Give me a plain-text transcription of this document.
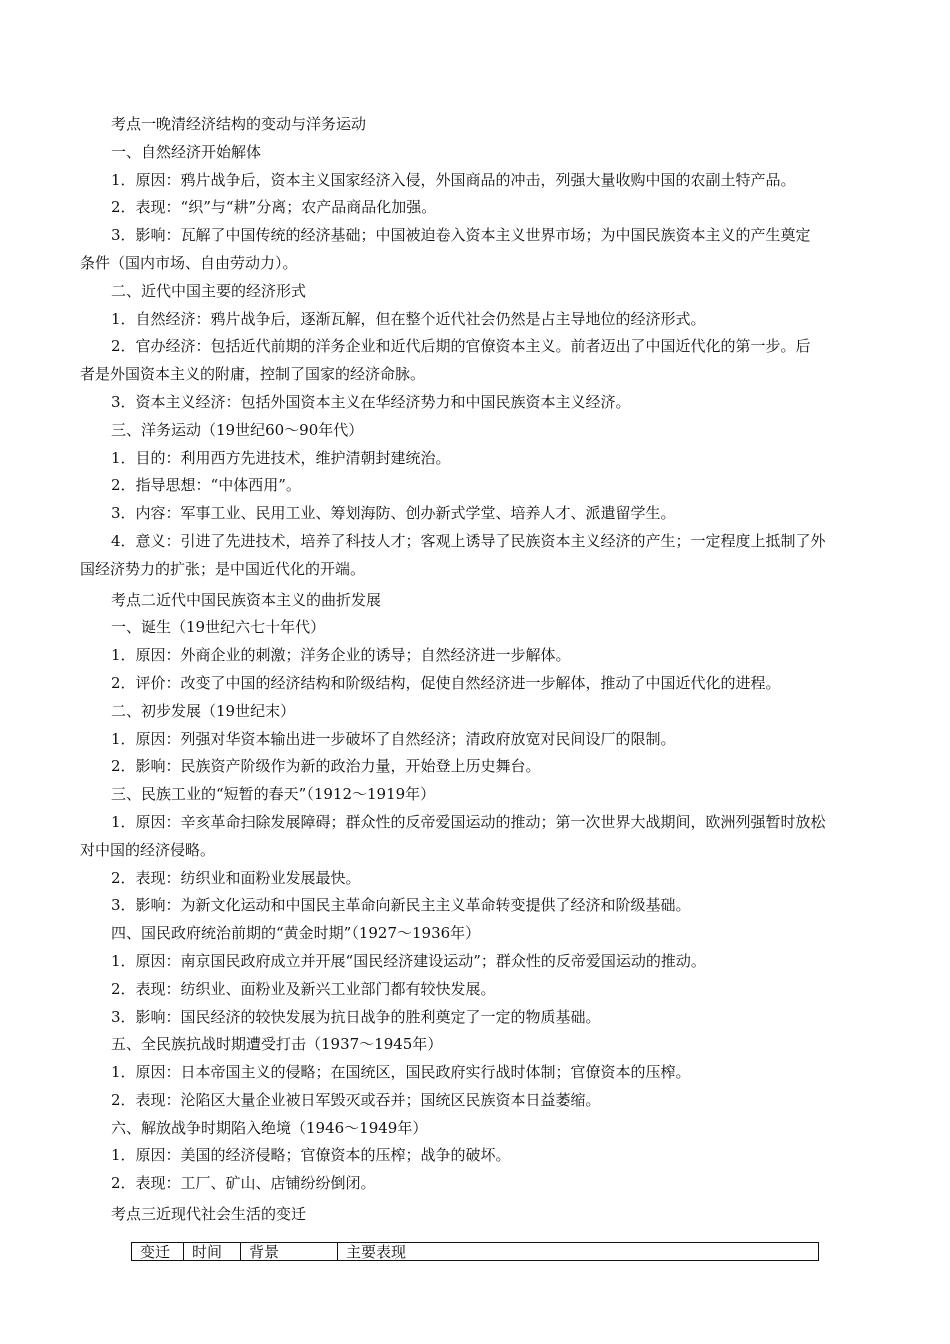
考点一晚清经济结构的变动与洋务运动
一、自然经济开始解体
1．原因：鸦片战争后，资本主义国家经济入侵，外国商品的冲击，列强大量收购中国的农副土特产品。
2．表现：“织”与“耕”分离；农产品商品化加强。
3．影响：瓦解了中国传统的经济基础；中国被迫卷入资本主义世界市场；为中国民族资本主义的产生奠定
条件（国内市场、自由劳动力）。
二、近代中国主要的经济形式
1．自然经济：鸦片战争后，逐渐瓦解，但在整个近代社会仍然是占主导地位的经济形式。
2．官办经济：包括近代前期的洋务企业和近代后期的官僚资本主义。前者迈出了中国近代化的第一步。后
者是外国资本主义的附庸，控制了国家的经济命脉。
3．资本主义经济：包括外国资本主义在华经济势力和中国民族资本主义经济。
三、洋务运动（19世纪60～90年代）
1．目的：利用西方先进技术，维护清朝封建统治。
2．指导思想：“中体西用”。
3．内容：军事工业、民用工业、筹划海防、创办新式学堂、培养人才、派遣留学生。
4．意义：引进了先进技术，培养了科技人才；客观上诱导了民族资本主义经济的产生；一定程度上抵制了外
国经济势力的扩张；是中国近代化的开端。
考点二近代中国民族资本主义的曲折发展
一、诞生（19世纪六七十年代）
1．原因：外商企业的刺激；洋务企业的诱导；自然经济进一步解体。
2．评价：改变了中国的经济结构和阶级结构，促使自然经济进一步解体，推动了中国近代化的进程。
二、初步发展（19世纪末）
1．原因：列强对华资本输出进一步破坏了自然经济；清政府放宽对民间设厂的限制。
2．影响：民族资产阶级作为新的政治力量，开始登上历史舞台。
三、民族工业的“短暂的春天”（1912～1919年）
1．原因：辛亥革命扫除发展障碍；群众性的反帝爱国运动的推动；第一次世界大战期间，欧洲列强暂时放松
对中国的经济侵略。
2．表现：纺织业和面粉业发展最快。
3．影响：为新文化运动和中国民主革命向新民主主义革命转变提供了经济和阶级基础。
四、国民政府统治前期的“黄金时期”（1927～1936年）
1．原因：南京国民政府成立并开展“国民经济建设运动”；群众性的反帝爱国运动的推动。
2．表现：纺织业、面粉业及新兴工业部门都有较快发展。
3．影响：国民经济的较快发展为抗日战争的胜利奠定了一定的物质基础。
五、全民族抗战时期遭受打击（1937～1945年）
1．原因：日本帝国主义的侵略；在国统区，国民政府实行战时体制；官僚资本的压榨。
2．表现：沦陷区大量企业被日军毁灭或吞并；国统区民族资本日益萎缩。
六、解放战争时期陷入绝境（1946～1949年）
1．原因：美国的经济侵略；官僚资本的压榨；战争的破坏。
2．表现：工厂、矿山、店铺纷纷倒闭。
考点三近现代社会生活的变迁
变迁	时间	背景	主要表现
